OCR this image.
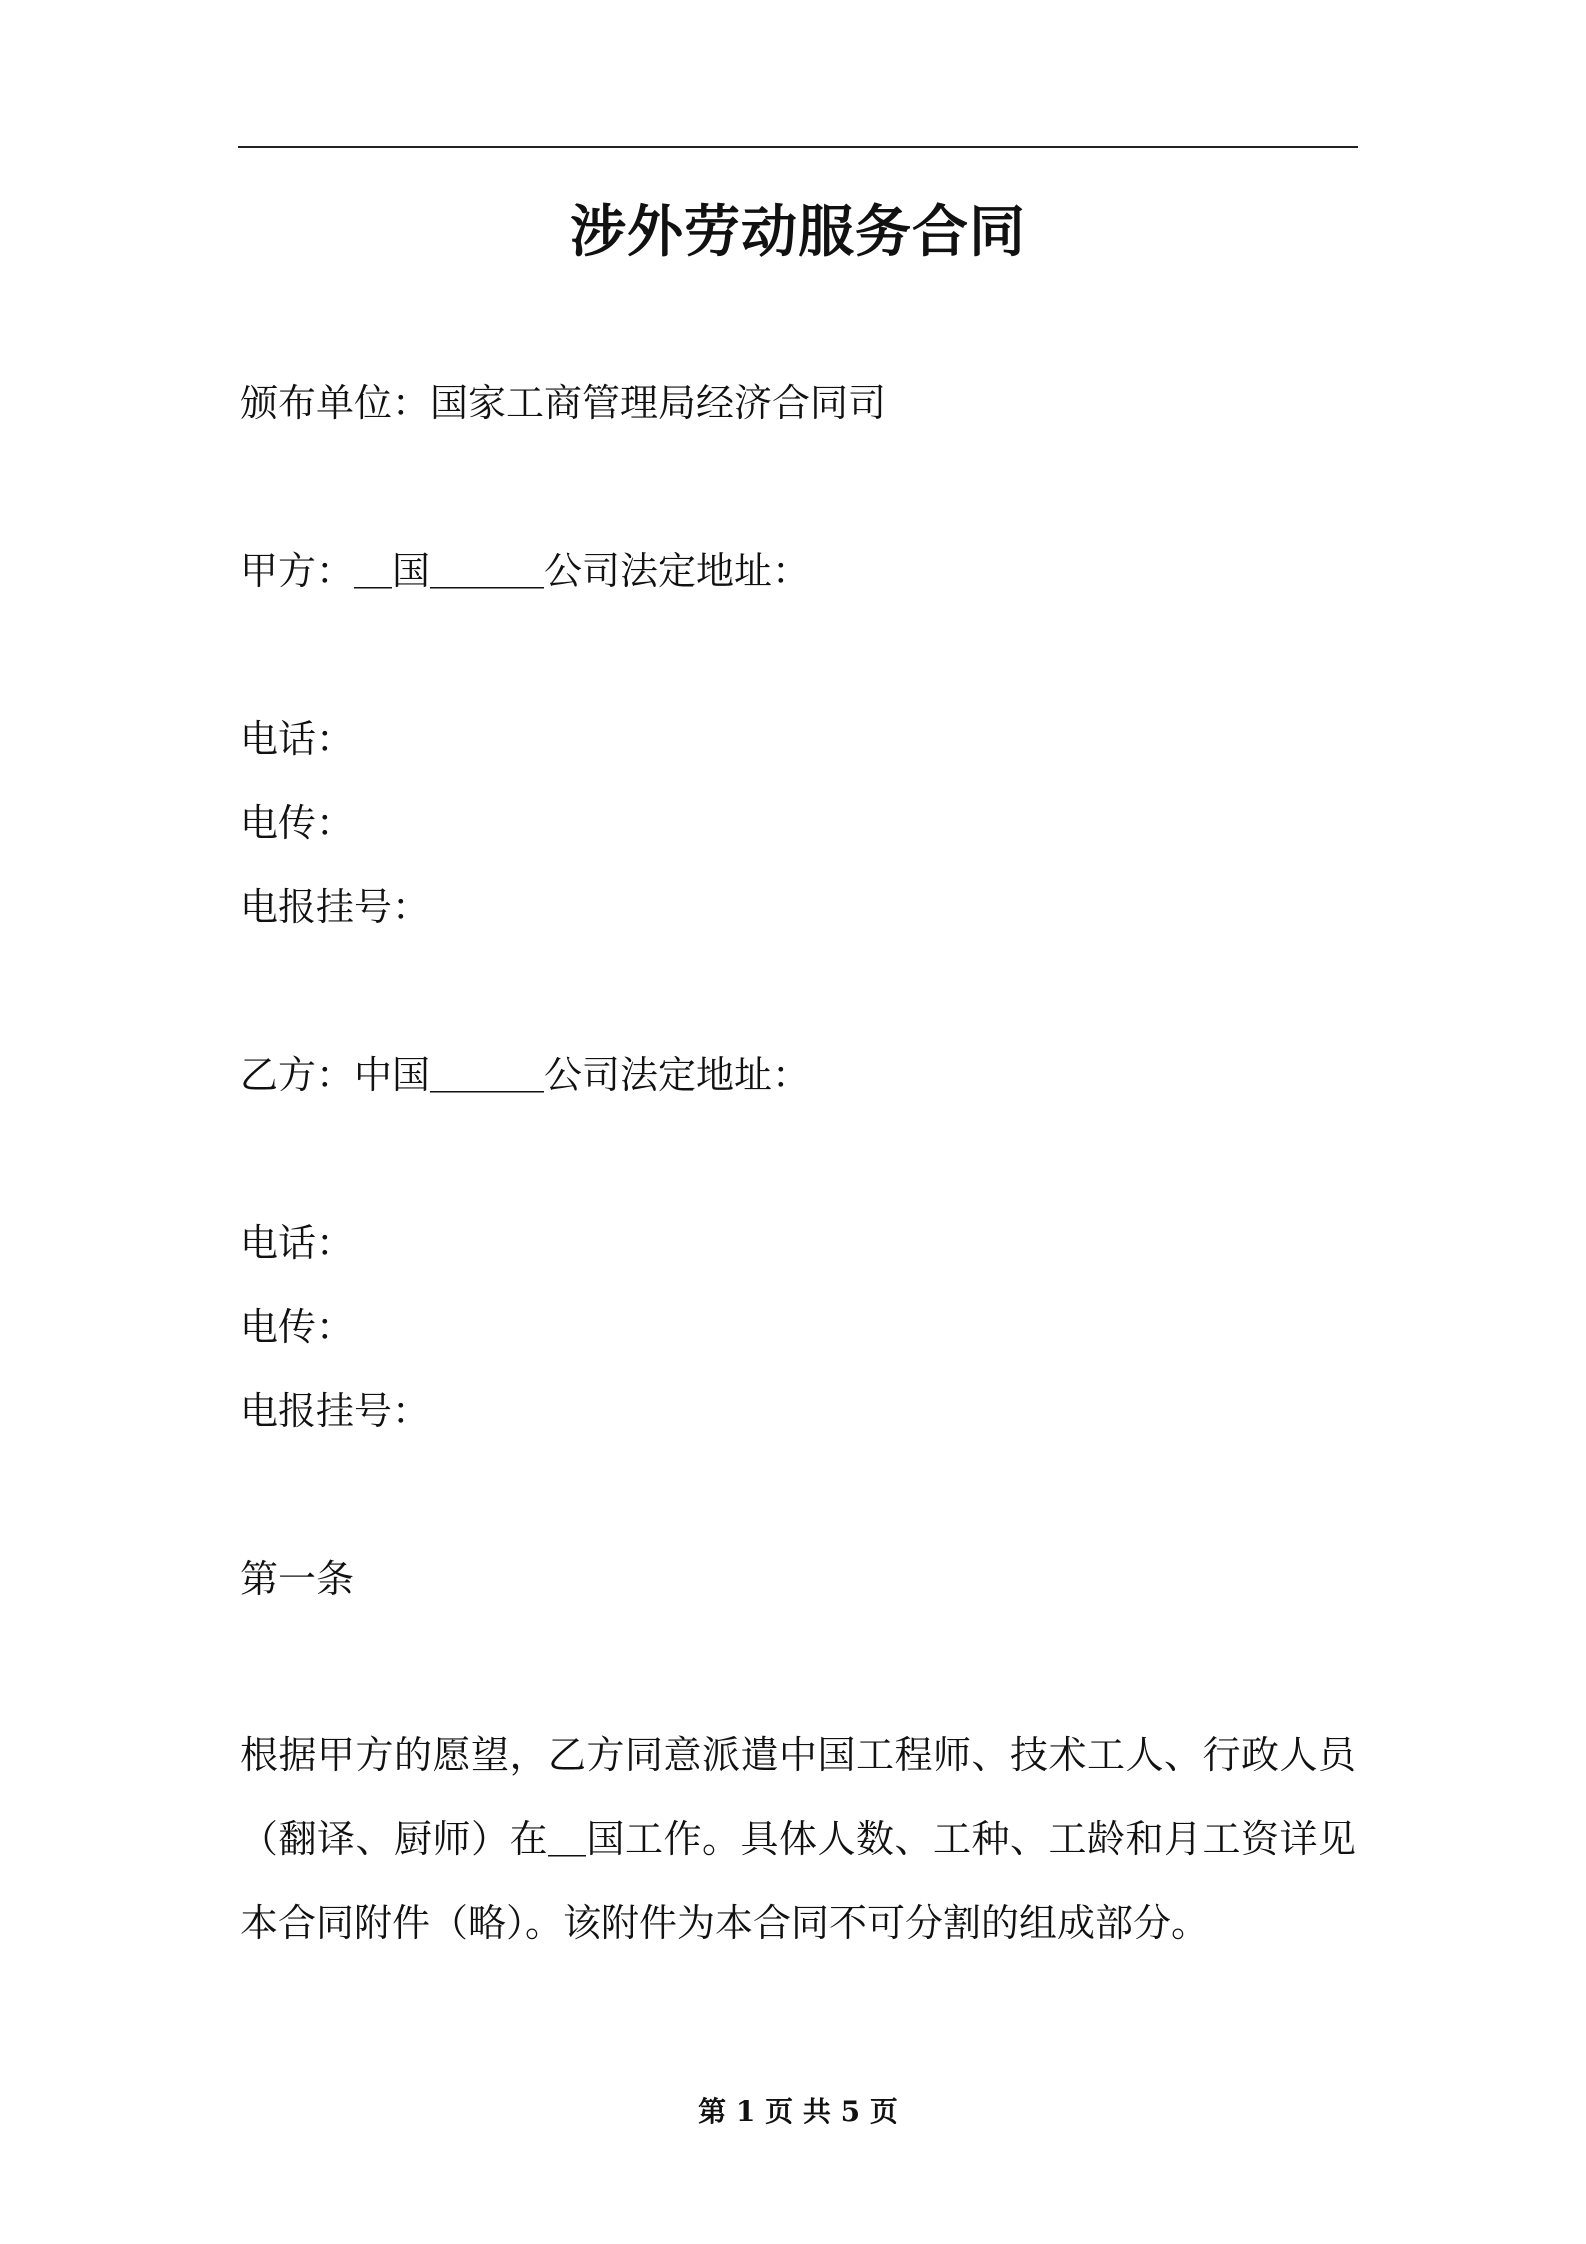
涉外劳动服务合同
颁布单位：国家工商管理局经济合同司
甲方：＿国＿＿＿公司法定地址：
电话：
电传：
电报挂号：
乙方：中国＿＿＿公司法定地址：
电话：
电传：
电报挂号：
第一条
根据甲方的愿望，乙方同意派遣中国工程师、技术工人、行政人员（翻译、厨师）在＿国工作。具体人数、工种、工龄和月工资详见本合同附件（略）。该附件为本合同不可分割的组成部分。
第 1 页 共 5 页
